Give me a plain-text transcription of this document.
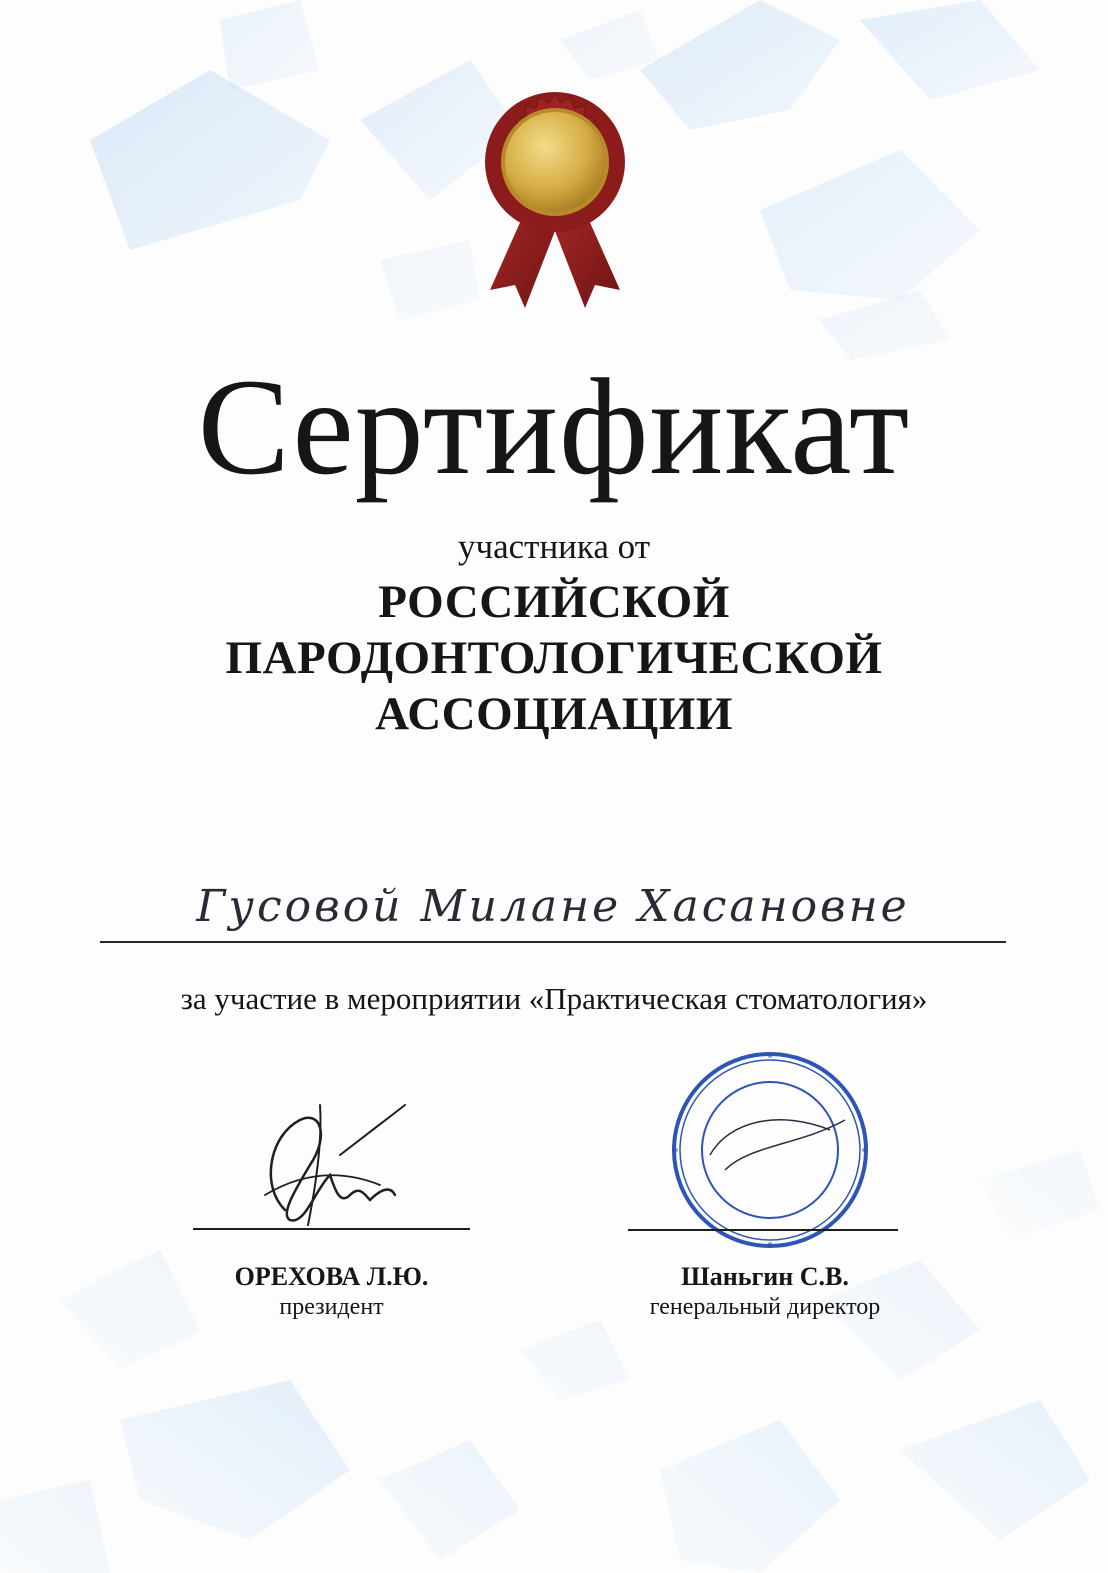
Сертификат
участника от
РОССИЙСКОЙ
ПАРОДОНТОЛОГИЧЕСКОЙ
АССОЦИАЦИИ
Гусовой Милане Хасановне
за участие в мероприятии «Практическая стоматология»
ОРЕХОВА Л.Ю.
президент
Шаньгин С.В.
генеральный директор
